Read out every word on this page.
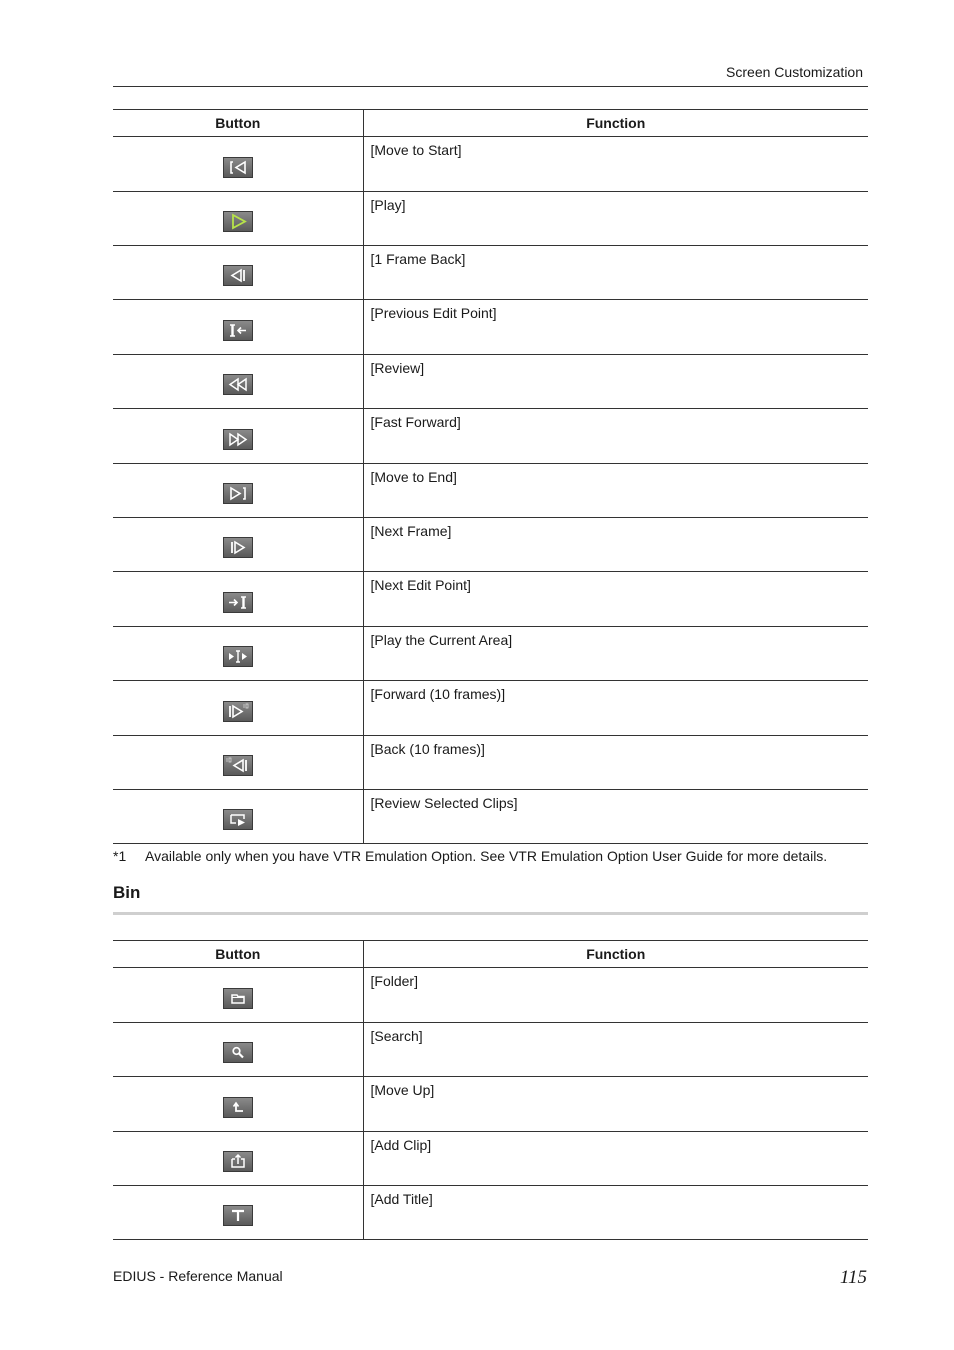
Screen Customization
Button	Function

	[Move to Start]

	[Play]

	[1 Frame Back]

	[Previous Edit Point]

	[Review]

	[Fast Forward]

	[Move to End]

	[Next Frame]

	[Next Edit Point]

	[Play the Current Area]

	[Forward (10 frames)]

	[Back (10 frames)]

	[Review Selected Clips]
*1	Available only when you have VTR Emulation Option. See VTR Emulation Option User Guide for more details.
Bin
Button	Function

	[Folder]

	[Search]

	[Move Up]

	[Add Clip]

	[Add Title]
EDIUS - Reference Manual	115
